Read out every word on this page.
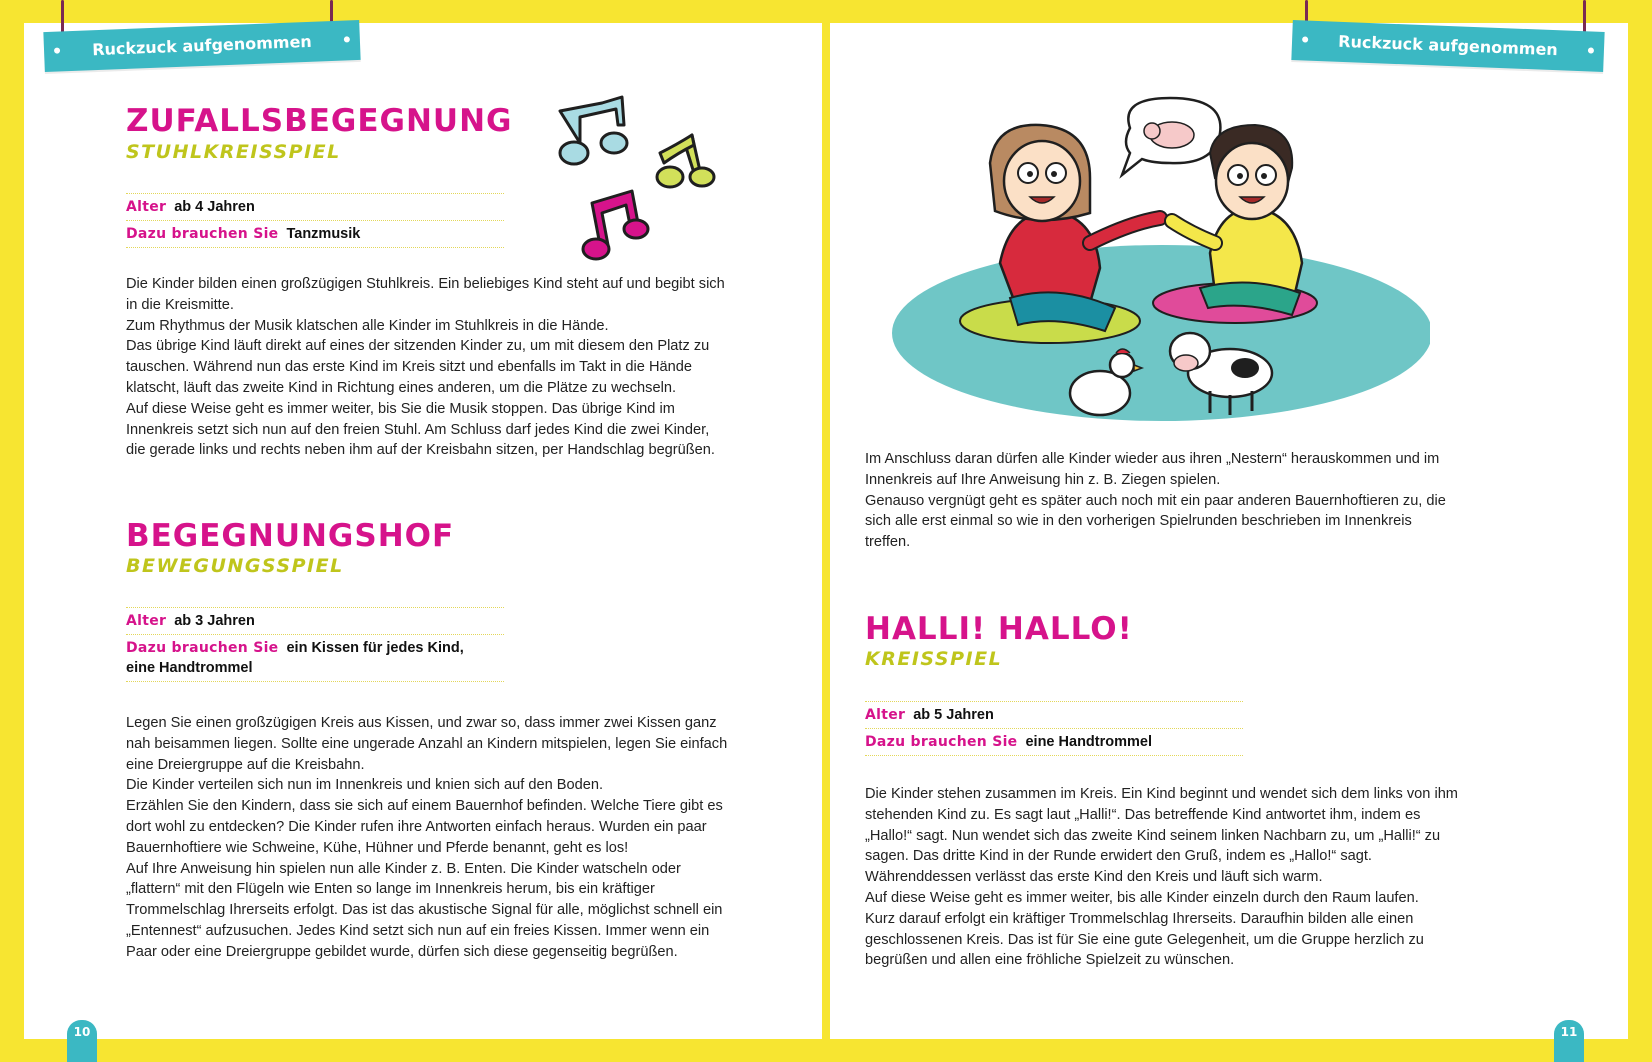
Ruckzuck aufgenommen
ZUFALLSBEGEGNUNG
STUHLKREISSPIEL
Alter ab 4 Jahren
Dazu brauchen Sie Tanzmusik

Die Kinder bilden einen großzügigen Stuhlkreis. Ein beliebiges Kind steht auf und begibt sich in die Kreismitte.

Zum Rhythmus der Musik klatschen alle Kinder im Stuhlkreis in die Hände.

Das übrige Kind läuft direkt auf eines der sitzenden Kinder zu, um mit diesem den Platz zu tauschen. Während nun das erste Kind im Kreis sitzt und ebenfalls im Takt in die Hände klatscht, läuft das zweite Kind in Richtung eines anderen, um die Plätze zu wechseln.

Auf diese Weise geht es immer weiter, bis Sie die Musik stoppen. Das übrige Kind im Innenkreis setzt sich nun auf den freien Stuhl. Am Schluss darf jedes Kind die zwei Kinder, die gerade links und rechts neben ihm auf der Kreisbahn sitzen, per Handschlag begrüßen.

BEGEGNUNGSHOF
BEWEGUNGSSPIEL
Alter ab 3 Jahren
Dazu brauchen Sie ein Kissen für jedes Kind,
eine Handtrommel

Legen Sie einen großzügigen Kreis aus Kissen, und zwar so, dass immer zwei Kissen ganz nah beisammen liegen. Sollte eine ungerade Anzahl an Kindern mitspielen, legen Sie einfach eine Dreiergruppe auf die Kreisbahn.

Die Kinder verteilen sich nun im Innenkreis und knien sich auf den Boden.

Erzählen Sie den Kindern, dass sie sich auf einem Bauernhof befinden. Welche Tiere gibt es dort wohl zu entdecken? Die Kinder rufen ihre Antworten einfach heraus. Wurden ein paar Bauernhoftiere wie Schweine, Kühe, Hühner und Pferde benannt, geht es los!

Auf Ihre Anweisung hin spielen nun alle Kinder z. B. Enten. Die Kinder watscheln oder „flattern“ mit den Flügeln wie Enten so lange im Innenkreis herum, bis ein kräftiger Trommelschlag Ihrerseits erfolgt. Das ist das akustische Signal für alle, möglichst schnell ein „Entennest“ aufzusuchen. Jedes Kind setzt sich nun auf ein freies Kissen. Immer wenn ein Paar oder eine Dreiergruppe gebildet wurde, dürfen sich diese gegenseitig begrüßen.

10
Ruckzuck aufgenommen

Im Anschluss daran dürfen alle Kinder wieder aus ihren „Nestern“ herauskommen und im Innenkreis auf Ihre Anweisung hin z. B. Ziegen spielen.

Genauso vergnügt geht es später auch noch mit ein paar anderen Bauernhoftieren zu, die sich alle erst einmal so wie in den vorherigen Spielrunden beschrieben im Innenkreis treffen.

HALLI! HALLO!
KREISSPIEL
Alter ab 5 Jahren
Dazu brauchen Sie eine Handtrommel

Die Kinder stehen zusammen im Kreis. Ein Kind beginnt und wendet sich dem links von ihm stehenden Kind zu. Es sagt laut „Halli!“. Das betreffende Kind antwortet ihm, indem es „Hallo!“ sagt. Nun wendet sich das zweite Kind seinem linken Nachbarn zu, um „Halli!“ zu sagen. Das dritte Kind in der Runde erwidert den Gruß, indem es „Hallo!“ sagt. Währenddessen verlässt das erste Kind den Kreis und läuft sich warm.

Auf diese Weise geht es immer weiter, bis alle Kinder einzeln durch den Raum laufen.

Kurz darauf erfolgt ein kräftiger Trommelschlag Ihrerseits. Daraufhin bilden alle einen geschlossenen Kreis. Das ist für Sie eine gute Gelegenheit, um die Gruppe herzlich zu begrüßen und allen eine fröhliche Spielzeit zu wünschen.

11
